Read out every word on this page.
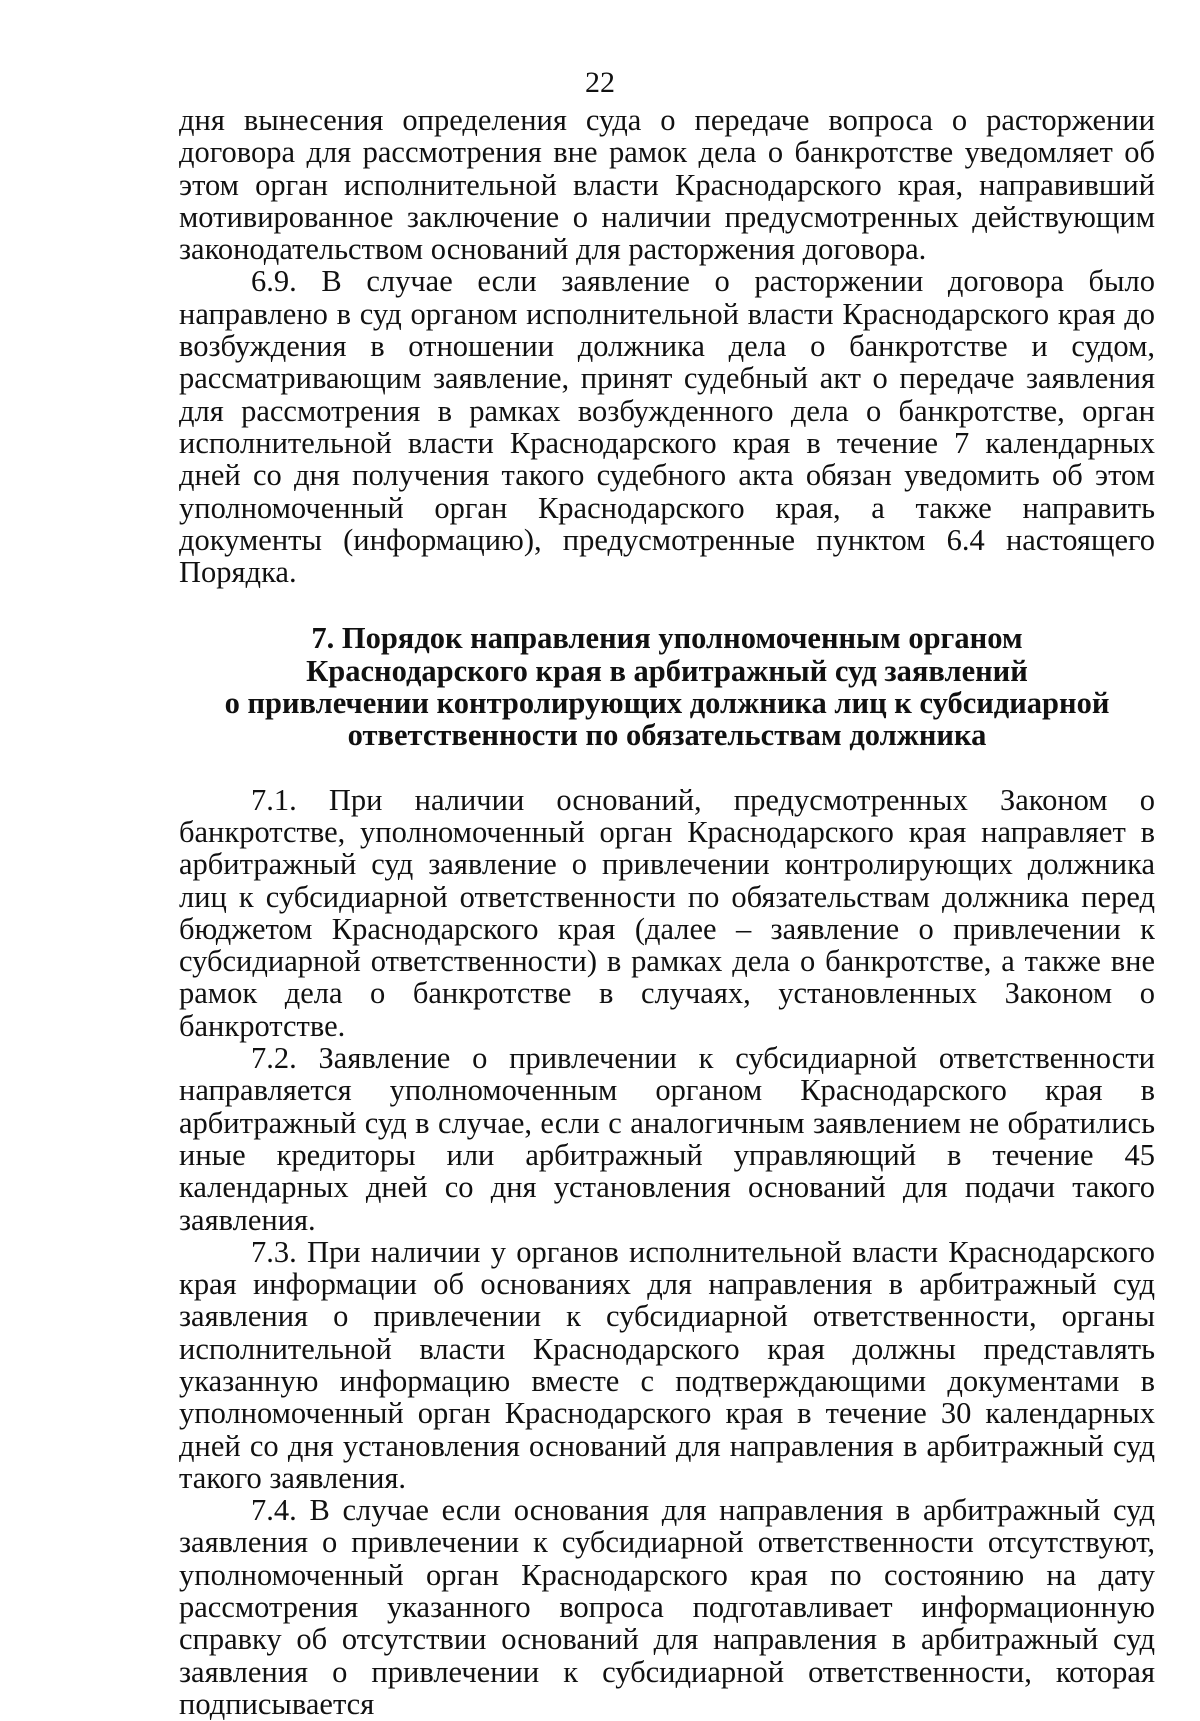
22

дня вынесения определения суда о передаче вопроса о расторжении договора для рассмотрения вне рамок дела о банкротстве уведомляет об этом орган исполнительной власти Краснодарского края, направивший мотивированное заключение о наличии предусмотренных действующим законодательством оснований для расторжения договора.

6.9. В случае если заявление о расторжении договора было направлено в суд органом исполнительной власти Краснодарского края до возбуждения в отношении должника дела о банкротстве и судом, рассматривающим заявление, принят судебный акт о передаче заявления для рассмотрения в рамках возбужденного дела о банкротстве, орган исполнительной власти Краснодарского края в течение 7 календарных дней со дня получения такого судебного акта обязан уведомить об этом уполномоченный орган Краснодарского края, а также направить документы (информацию), предусмотренные пунктом 6.4 настоящего Порядка.

7. Порядок направления уполномоченным органом
Краснодарского края в арбитражный суд заявлений
о привлечении контролирующих должника лиц к субсидиарной
ответственности по обязательствам должника

7.1. При наличии оснований, предусмотренных Законом о банкротстве, уполномоченный орган Краснодарского края направляет в арбитражный суд заявление о привлечении контролирующих должника лиц к субсидиарной ответственности по обязательствам должника перед бюджетом Краснодарского края (далее – заявление о привлечении к субсидиарной ответственности) в рамках дела о банкротстве, а также вне рамок дела о банкротстве в случаях, установленных Законом о банкротстве.

7.2. Заявление о привлечении к субсидиарной ответственности направляется уполномоченным органом Краснодарского края в арбитражный суд в случае, если с аналогичным заявлением не обратились иные кредиторы или арбитражный управляющий в течение 45 календарных дней со дня установления оснований для подачи такого заявления.

7.3. При наличии у органов исполнительной власти Краснодарского края информации об основаниях для направления в арбитражный суд заявления о привлечении к субсидиарной ответственности, органы исполнительной власти Краснодарского края должны представлять указанную информацию вместе с подтверждающими документами в уполномоченный орган Краснодарского края в течение 30 календарных дней со дня установления оснований для направления в арбитражный суд такого заявления.

7.4. В случае если основания для направления в арбитражный суд заявления о привлечении к субсидиарной ответственности отсутствуют, уполномоченный орган Краснодарского края по состоянию на дату рассмотрения указанного вопроса подготавливает информационную справку об отсутствии оснований для направления в арбитражный суд заявления о привлечении к субсидиарной ответственности, которая подписывается
